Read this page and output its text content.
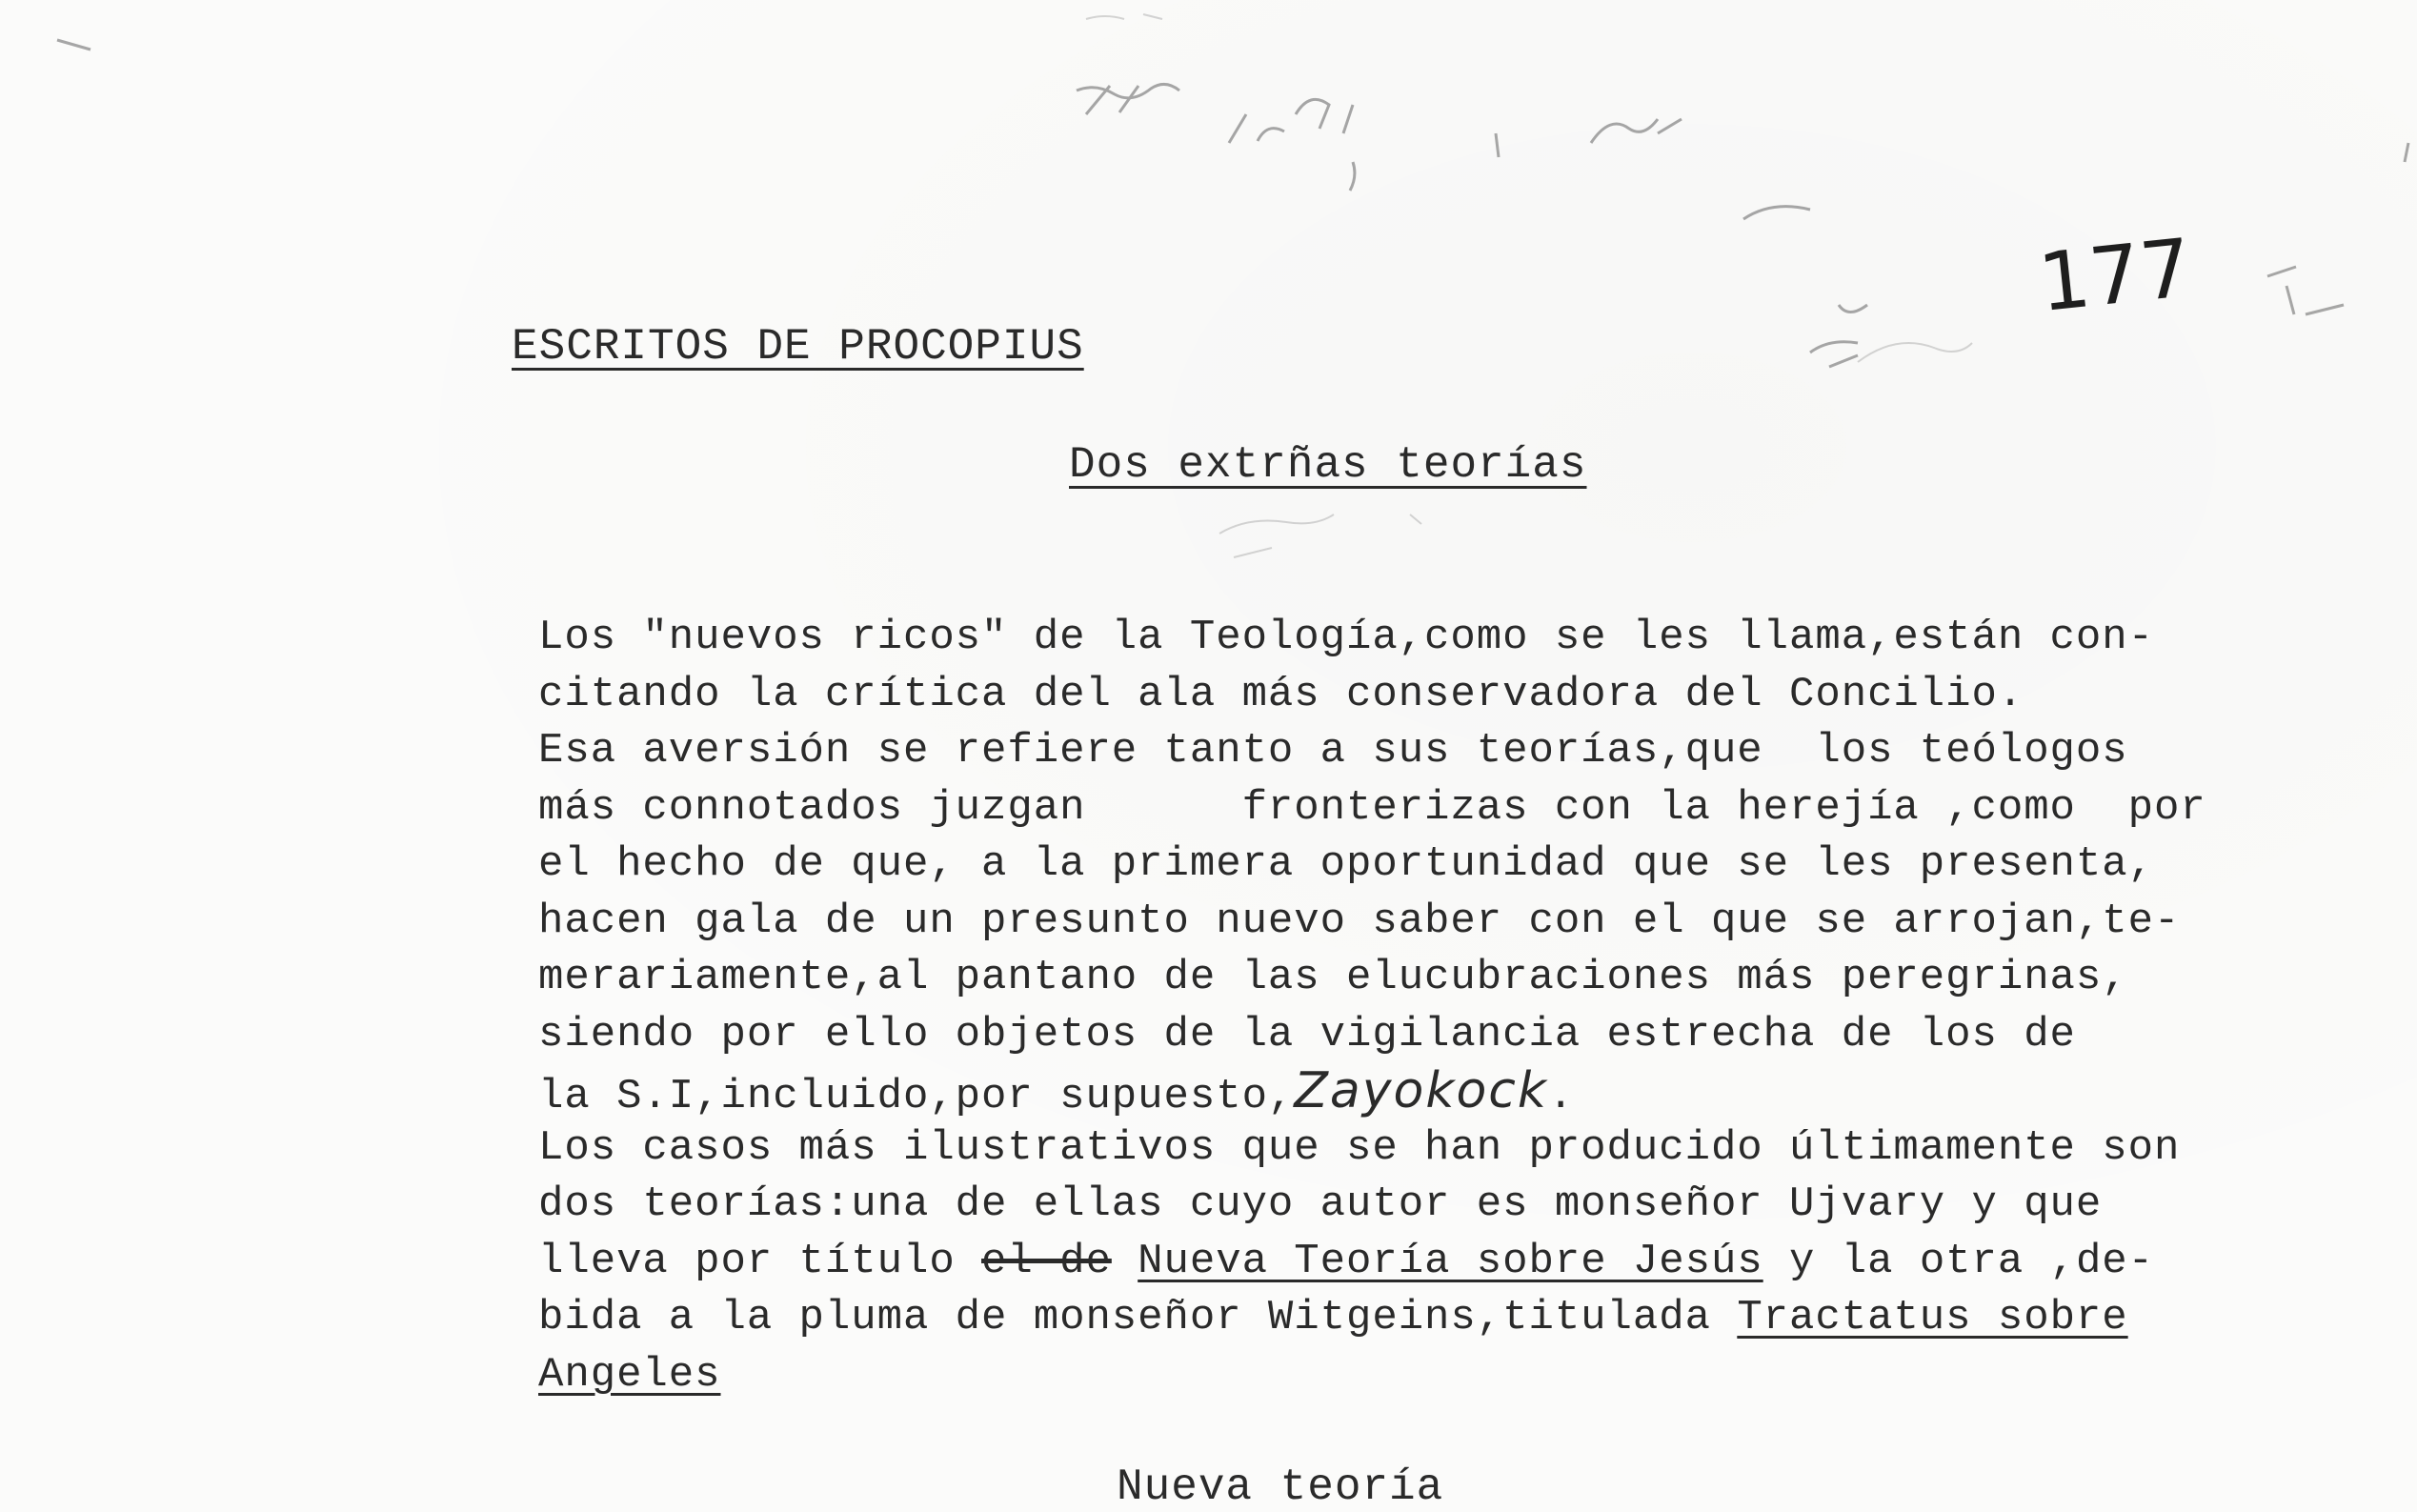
177
ESCRITOS DE PROCOPIUS
Dos extrñas teorías
Los "nuevos ricos" de la Teología,como se les llama,están con-
citando la crítica del ala más conservadora del Concilio.
Esa aversión se refiere tanto a sus teorías,que  los teólogos
más connotados juzgan      fronterizas con la herejía ,como  por
el hecho de que, a la primera oportunidad que se les presenta,
hacen gala de un presunto nuevo saber con el que se arrojan,te-
merariamente,al pantano de las elucubraciones más peregrinas,
siendo por ello objetos de la vigilancia estrecha de los de
la S.I,incluido,por supuesto,Zayokock.
Los casos más ilustrativos que se han producido últimamente son
dos teorías:una de ellas cuyo autor es monseñor Ujvary y que
lleva por título el de Nueva Teoría sobre Jesús y la otra ,de-
bida a la pluma de monseñor Witgeins,titulada Tractatus sobre
Angeles
Nueva teoría
